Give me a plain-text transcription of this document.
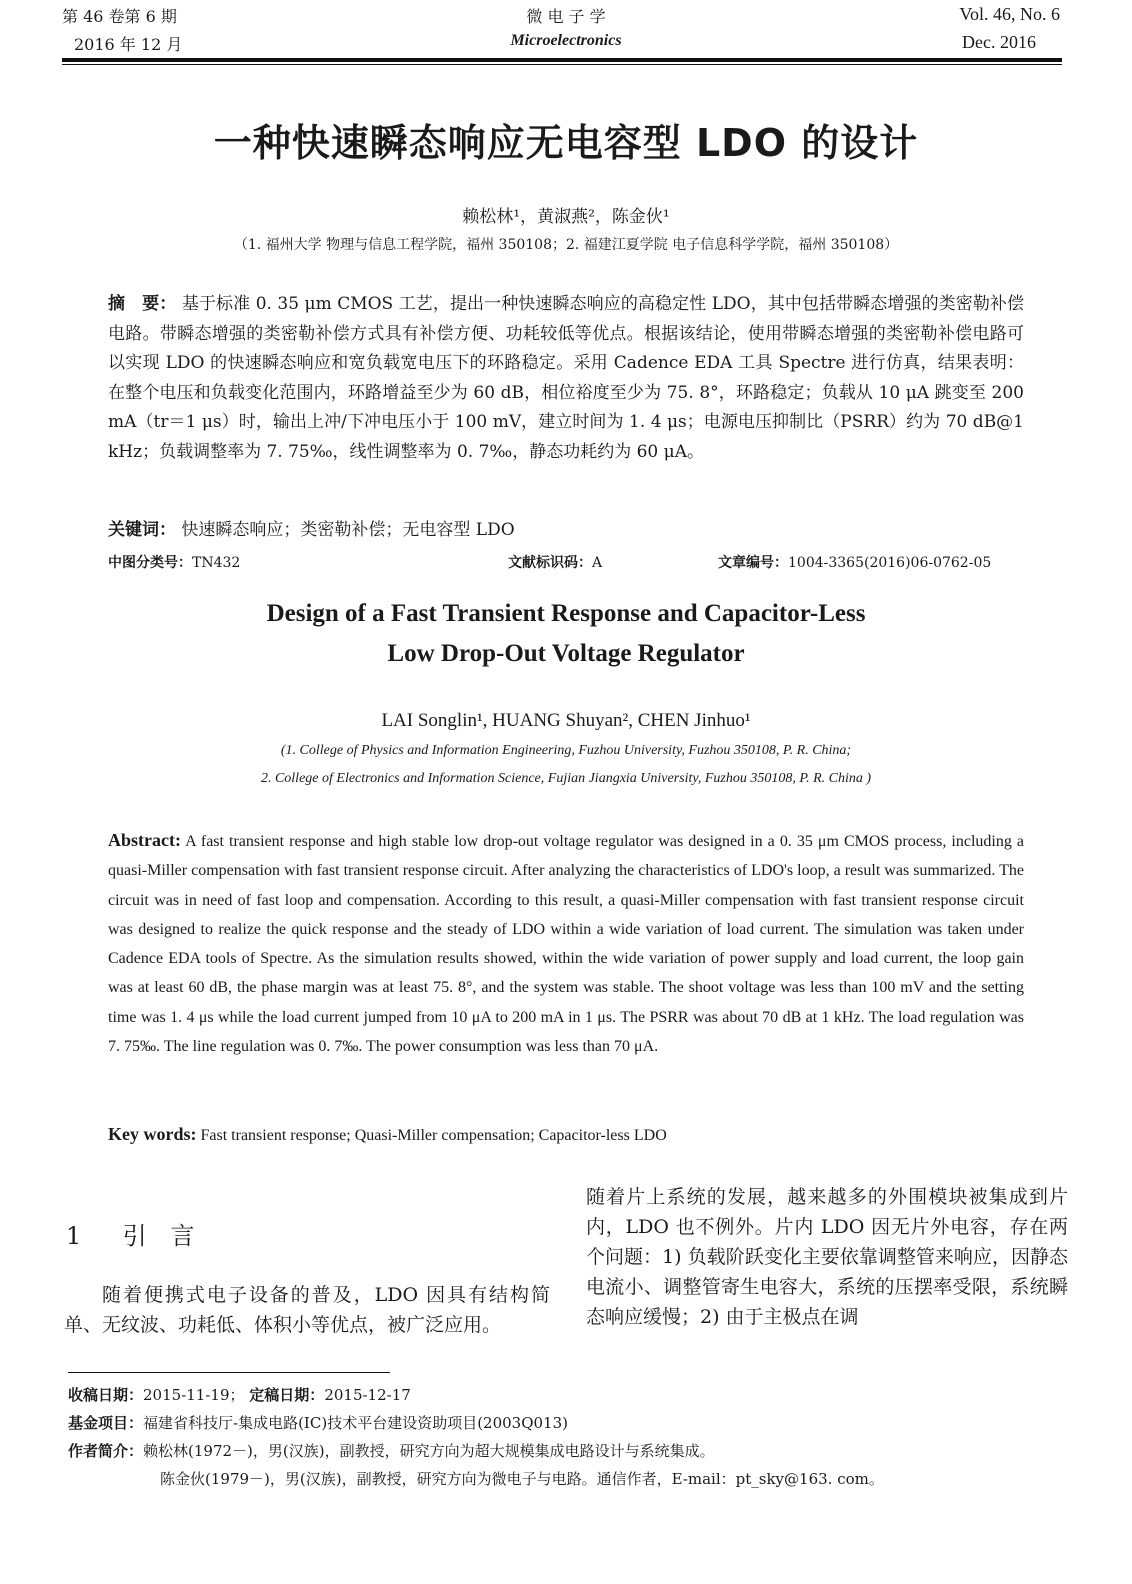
第 46 卷第 6 期
2016 年 12 月
微 电 子 学
Microelectronics
Vol. 46, No. 6
Dec. 2016
一种快速瞬态响应无电容型 LDO 的设计
赖松林¹，黄淑燕²，陈金伙¹
（1. 福州大学 物理与信息工程学院，福州 350108；2. 福建江夏学院 电子信息科学学院，福州 350108）
摘　要： 基于标准 0. 35 μm CMOS 工艺，提出一种快速瞬态响应的高稳定性 LDO，其中包括带瞬态增强的类密勒补偿电路。带瞬态增强的类密勒补偿方式具有补偿方便、功耗较低等优点。根据该结论，使用带瞬态增强的类密勒补偿电路可以实现 LDO 的快速瞬态响应和宽负载宽电压下的环路稳定。采用 Cadence EDA 工具 Spectre 进行仿真，结果表明：在整个电压和负载变化范围内，环路增益至少为 60 dB，相位裕度至少为 75. 8°，环路稳定；负载从 10 μA 跳变至 200 mA（tr＝1 μs）时，输出上冲/下冲电压小于 100 mV，建立时间为 1. 4 μs；电源电压抑制比（PSRR）约为 70 dB@1 kHz；负载调整率为 7. 75‰，线性调整率为 0. 7‰，静态功耗约为 60 μA。
关键词： 快速瞬态响应；类密勒补偿；无电容型 LDO
中图分类号：TN432	文献标识码：A	文章编号：1004-3365(2016)06-0762-05
Design of a Fast Transient Response and Capacitor-Less
Low Drop-Out Voltage Regulator
LAI Songlin¹, HUANG Shuyan², CHEN Jinhuo¹
(1. College of Physics and Information Engineering, Fuzhou University, Fuzhou 350108, P. R. China;
2. College of Electronics and Information Science, Fujian Jiangxia University, Fuzhou 350108, P. R. China )
Abstract: A fast transient response and high stable low drop-out voltage regulator was designed in a 0. 35 μm CMOS process, including a quasi-Miller compensation with fast transient response circuit. After analyzing the characteristics of LDO's loop, a result was summarized. The circuit was in need of fast loop and compensation. According to this result, a quasi-Miller compensation with fast transient response circuit was designed to realize the quick response and the steady of LDO within a wide variation of load current. The simulation was taken under Cadence EDA tools of Spectre. As the simulation results showed, within the wide variation of power supply and load current, the loop gain was at least 60 dB, the phase margin was at least 75. 8°, and the system was stable. The shoot voltage was less than 100 mV and the setting time was 1. 4 μs while the load current jumped from 10 μA to 200 mA in 1 μs. The PSRR was about 70 dB at 1 kHz. The load regulation was 7. 75‰. The line regulation was 0. 7‰. The power consumption was less than 70 μA.
Key words: Fast transient response; Quasi-Miller compensation; Capacitor-less LDO
1 引　言
随着便携式电子设备的普及，LDO 因具有结构简单、无纹波、功耗低、体积小等优点，被广泛应用。
随着片上系统的发展，越来越多的外围模块被集成到片内，LDO 也不例外。片内 LDO 因无片外电容，存在两个问题：1) 负载阶跃变化主要依靠调整管来响应，因静态电流小、调整管寄生电容大，系统的压摆率受限，系统瞬态响应缓慢；2) 由于主极点在调
收稿日期：2015-11-19； 定稿日期：2015-12-17
基金项目：福建省科技厅-集成电路(IC)技术平台建设资助项目(2003Q013)
作者简介：赖松林(1972－)，男(汉族)，副教授，研究方向为超大规模集成电路设计与系统集成。
陈金伙(1979－)，男(汉族)，副教授，研究方向为微电子与电路。通信作者，E-mail：pt_sky@163. com。
